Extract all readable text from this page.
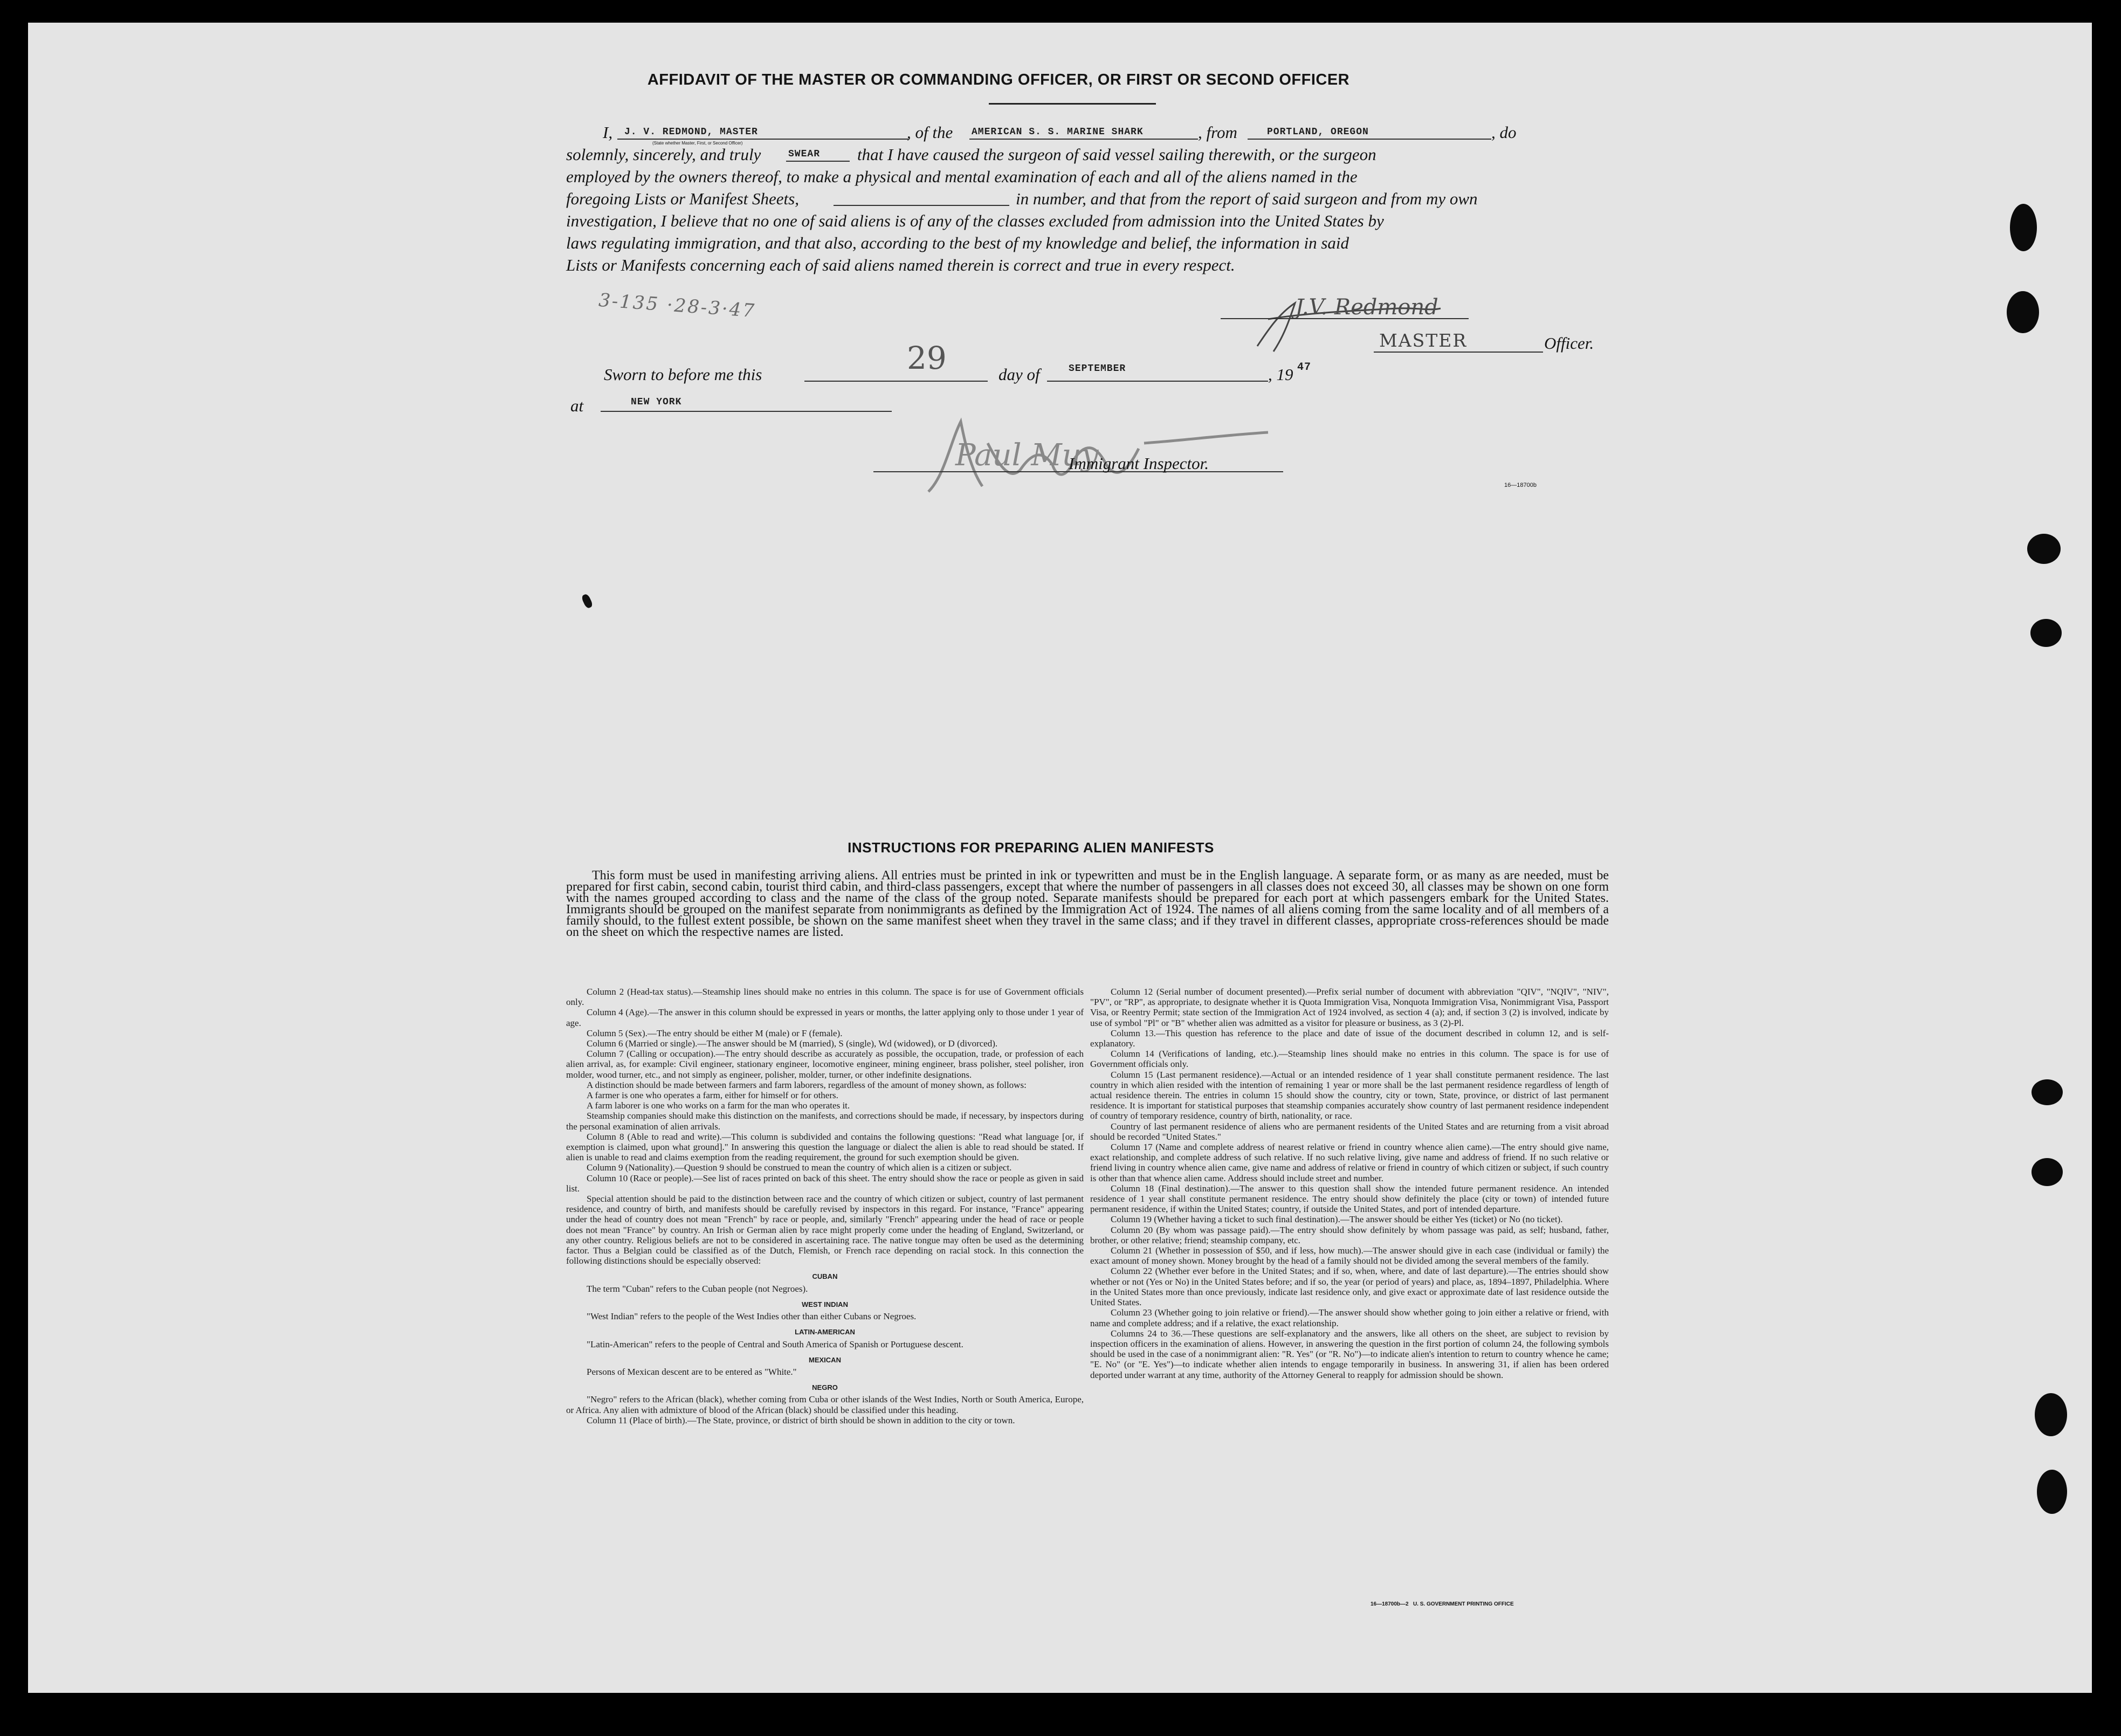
AFFIDAVIT OF THE MASTER OR COMMANDING OFFICER, OR FIRST OR SECOND OFFICER
I, J. V. REDMOND, MASTER
(State whether Master, First, or Second Officer)
, of the AMERICAN S. S. MARINE SHARK	, from	PORTLAND, OREGON	, do
solemnly, sincerely, and truly	SWEAR that I have caused the surgeon of said vessel sailing therewith, or the surgeon
employed by the owners thereof, to make a physical and mental examination of each and all of the aliens named in the
foregoing Lists or Manifest Sheets,	in number, and that from the report of said surgeon and from my own
investigation, I believe that no one of said aliens is of any of the classes excluded from admission into the United States by
laws regulating immigration, and that also, according to the best of my knowledge and belief, the information in said
Lists or Manifests concerning each of said aliens named therein is correct and true in every respect.
3-135 ·28-3·47	J.V. Redmond
MASTER	Officer.
Sworn to before me this	29	day of	SEPTEMBER	, 19 47
at	NEW YORK
Paul Muy
Immigrant Inspector.
16—18700b
INSTRUCTIONS FOR PREPARING ALIEN MANIFESTS

This form must be used in manifesting arriving aliens. All entries must be printed in ink or typewritten and must be in the English language. A separate form, or as many as are needed, must be prepared for first cabin, second cabin, tourist third cabin, and third-class passengers, except that where the number of passengers in all classes does not exceed 30, all classes may be shown on one form with the names grouped according to class and the name of the class of the group noted. Separate manifests should be prepared for each port at which passengers embark for the United States. Immigrants should be grouped on the manifest separate from nonimmigrants as defined by the Immigration Act of 1924. The names of all aliens coming from the same locality and of all members of a family should, to the fullest extent possible, be shown on the same manifest sheet when they travel in the same class; and if they travel in different classes, appropriate cross-references should be made on the sheet on which the respective names are listed.

Column 2 (Head-tax status).—Steamship lines should make no entries in this column. The space is for use of Government officials only.

Column 4 (Age).—The answer in this column should be expressed in years or months, the latter applying only to those under 1 year of age.

Column 5 (Sex).—The entry should be either M (male) or F (female).

Column 6 (Married or single).—The answer should be M (married), S (single), Wd (widowed), or D (divorced).

Column 7 (Calling or occupation).—The entry should describe as accurately as possible, the occupation, trade, or profession of each alien arrival, as, for example: Civil engineer, stationary engineer, locomotive engineer, mining engineer, brass polisher, steel polisher, iron molder, wood turner, etc., and not simply as engineer, polisher, molder, turner, or other indefinite designations.

A distinction should be made between farmers and farm laborers, regardless of the amount of money shown, as follows:

A farmer is one who operates a farm, either for himself or for others.

A farm laborer is one who works on a farm for the man who operates it.

Steamship companies should make this distinction on the manifests, and corrections should be made, if necessary, by inspectors during the personal examination of alien arrivals.

Column 8 (Able to read and write).—This column is subdivided and contains the following questions: "Read what language [or, if exemption is claimed, upon what ground]." In answering this question the language or dialect the alien is able to read should be stated. If alien is unable to read and claims exemption from the reading requirement, the ground for such exemption should be given.

Column 9 (Nationality).—Question 9 should be construed to mean the country of which alien is a citizen or subject.

Column 10 (Race or people).—See list of races printed on back of this sheet. The entry should show the race or people as given in said list.

Special attention should be paid to the distinction between race and the country of which citizen or subject, country of last permanent residence, and country of birth, and manifests should be carefully revised by inspectors in this regard. For instance, "France" appearing under the head of country does not mean "French" by race or people, and, similarly "French" appearing under the head of race or people does not mean "France" by country. An Irish or German alien by race might properly come under the heading of England, Switzerland, or any other country. Religious beliefs are not to be considered in ascertaining race. The native tongue may often be used as the determining factor. Thus a Belgian could be classified as of the Dutch, Flemish, or French race depending on racial stock. In this connection the following distinctions should be especially observed:

CUBAN

The term "Cuban" refers to the Cuban people (not Negroes).

WEST INDIAN

"West Indian" refers to the people of the West Indies other than either Cubans or Negroes.

LATIN-AMERICAN

"Latin-American" refers to the people of Central and South America of Spanish or Portuguese descent.

MEXICAN

Persons of Mexican descent are to be entered as "White."

NEGRO

"Negro" refers to the African (black), whether coming from Cuba or other islands of the West Indies, North or South America, Europe, or Africa. Any alien with admixture of blood of the African (black) should be classified under this heading.

Column 11 (Place of birth).—The State, province, or district of birth should be shown in addition to the city or town.

Column 12 (Serial number of document presented).—Prefix serial number of document with abbreviation "QIV", "NQIV", "NIV", "PV", or "RP", as appropriate, to designate whether it is Quota Immigration Visa, Nonquota Immigration Visa, Nonimmigrant Visa, Passport Visa, or Reentry Permit; state section of the Immigration Act of 1924 involved, as section 4 (a); and, if section 3 (2) is involved, indicate by use of symbol "Pl" or "B" whether alien was admitted as a visitor for pleasure or business, as 3 (2)-Pl.

Column 13.—This question has reference to the place and date of issue of the document described in column 12, and is self-explanatory.

Column 14 (Verifications of landing, etc.).—Steamship lines should make no entries in this column. The space is for use of Government officials only.

Column 15 (Last permanent residence).—Actual or an intended residence of 1 year shall constitute permanent residence. The last country in which alien resided with the intention of remaining 1 year or more shall be the last permanent residence regardless of length of actual residence therein. The entries in column 15 should show the country, city or town, State, province, or district of last permanent residence. It is important for statistical purposes that steamship companies accurately show country of last permanent residence independent of country of temporary residence, country of birth, nationality, or race.

Country of last permanent residence of aliens who are permanent residents of the United States and are returning from a visit abroad should be recorded "United States."

Column 17 (Name and complete address of nearest relative or friend in country whence alien came).—The entry should give name, exact relationship, and complete address of such relative. If no such relative living, give name and address of friend. If no such relative or friend living in country whence alien came, give name and address of relative or friend in country of which citizen or subject, if such country is other than that whence alien came. Address should include street and number.

Column 18 (Final destination).—The answer to this question shall show the intended future permanent residence. An intended residence of 1 year shall constitute permanent residence. The entry should show definitely the place (city or town) of intended future permanent residence, if within the United States; country, if outside the United States, and port of intended departure.

Column 19 (Whether having a ticket to such final destination).—The answer should be either Yes (ticket) or No (no ticket).

Column 20 (By whom was passage paid).—The entry should show definitely by whom passage was paid, as self; husband, father, brother, or other relative; friend; steamship company, etc.

Column 21 (Whether in possession of $50, and if less, how much).—The answer should give in each case (individual or family) the exact amount of money shown. Money brought by the head of a family should not be divided among the several members of the family.

Column 22 (Whether ever before in the United States; and if so, when, where, and date of last departure).—The entries should show whether or not (Yes or No) in the United States before; and if so, the year (or period of years) and place, as, 1894–1897, Philadelphia. Where in the United States more than once previously, indicate last residence only, and give exact or approximate date of last residence outside the United States.

Column 23 (Whether going to join relative or friend).—The answer should show whether going to join either a relative or friend, with name and complete address; and if a relative, the exact relationship.

Columns 24 to 36.—These questions are self-explanatory and the answers, like all others on the sheet, are subject to revision by inspection officers in the examination of aliens. However, in answering the question in the first portion of column 24, the following symbols should be used in the case of a nonimmigrant alien: "R. Yes" (or "R. No")—to indicate alien's intention to return to country whence he came; "E. No" (or "E. Yes")—to indicate whether alien intends to engage temporarily in business. In answering 31, if alien has been ordered deported under warrant at any time, authority of the Attorney General to reapply for admission should be shown.

16—18700b—2 U. S. GOVERNMENT PRINTING OFFICE
